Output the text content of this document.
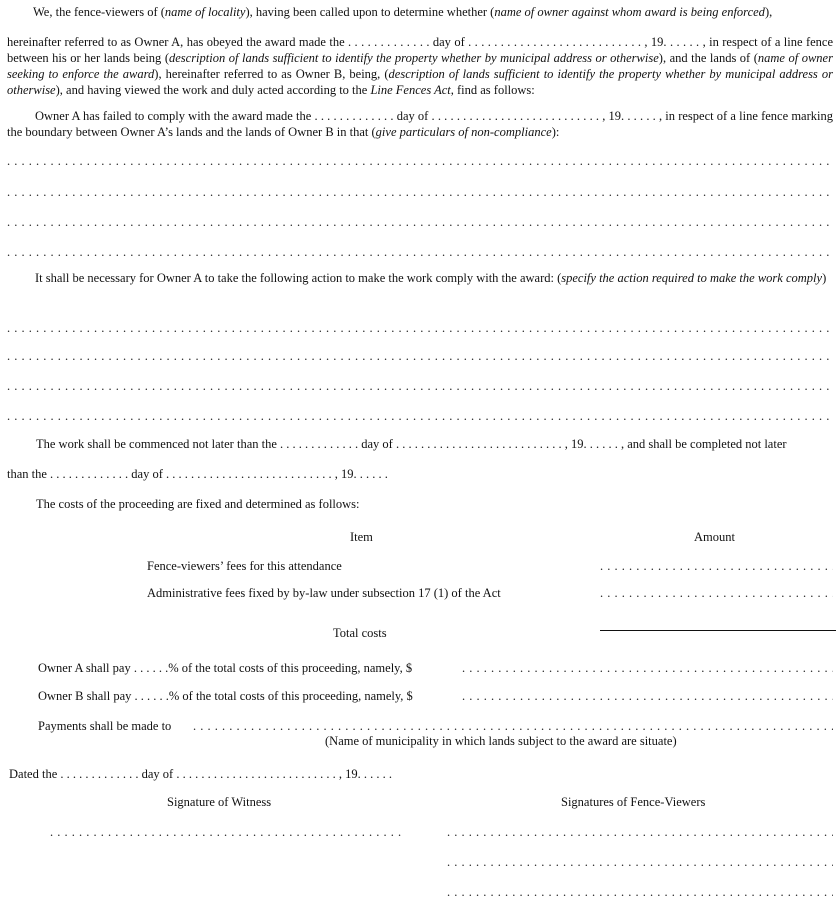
We, the fence-viewers of (name of locality), having been called upon to determine whether (name of owner against whom award is being enforced),
hereinafter referred to as Owner A, has obeyed the award made the . . . . . . . . . . . . . day of . . . . . . . . . . . . . . . . . . . . . . . . . . . , 19. . . . . . , in respect of a line fence between his or her lands being (description of lands sufficient to identify the property whether by municipal address or otherwise), and the lands of (name of owner seeking to enforce the award), hereinafter referred to as Owner B, being, (description of lands sufficient to identify the property whether by municipal address or otherwise), and having viewed the work and duly acted according to the Line Fences Act, find as follows:
Owner A has failed to comply with the award made the . . . . . . . . . . . . . day of . . . . . . . . . . . . . . . . . . . . . . . . . . . , 19. . . . . . , in respect of a line fence marking the boundary between Owner A’s lands and the lands of Owner B in that (give particulars of non-compliance):
. . .
. . .
. . .
. . .
It shall be necessary for Owner A to take the following action to make the work comply with the award: (specify the action required to make the work comply)
. . .
. . .
. . .
. . .
The work shall be commenced not later than the . . . . . . . . . . . . . day of . . . . . . . . . . . . . . . . . . . . . . . . . . . , 19. . . . . . , and shall be completed not later
than the . . . . . . . . . . . . . day of . . . . . . . . . . . . . . . . . . . . . . . . . . . , 19. . . . . .
The costs of the proceeding are fixed and determined as follows:
Item	Amount
Fence-viewers’ fees for this attendance
. . .
Administrative fees fixed by by-law under subsection 17 (1) of the Act
. . .
Total costs
Owner A shall pay . . . . . .% of the total costs of this proceeding, namely, $
. . .
Owner B shall pay . . . . . .% of the total costs of this proceeding, namely, $
. . .
Payments shall be made to
. . .
(Name of municipality in which lands subject to the award are situate)
Dated the . . . . . . . . . . . . . day of . . . . . . . . . . . . . . . . . . . . . . . . . . , 19. . . . . .
Signature of Witness	Signatures of Fence-Viewers
. . .
. . .
. . .
. . .
